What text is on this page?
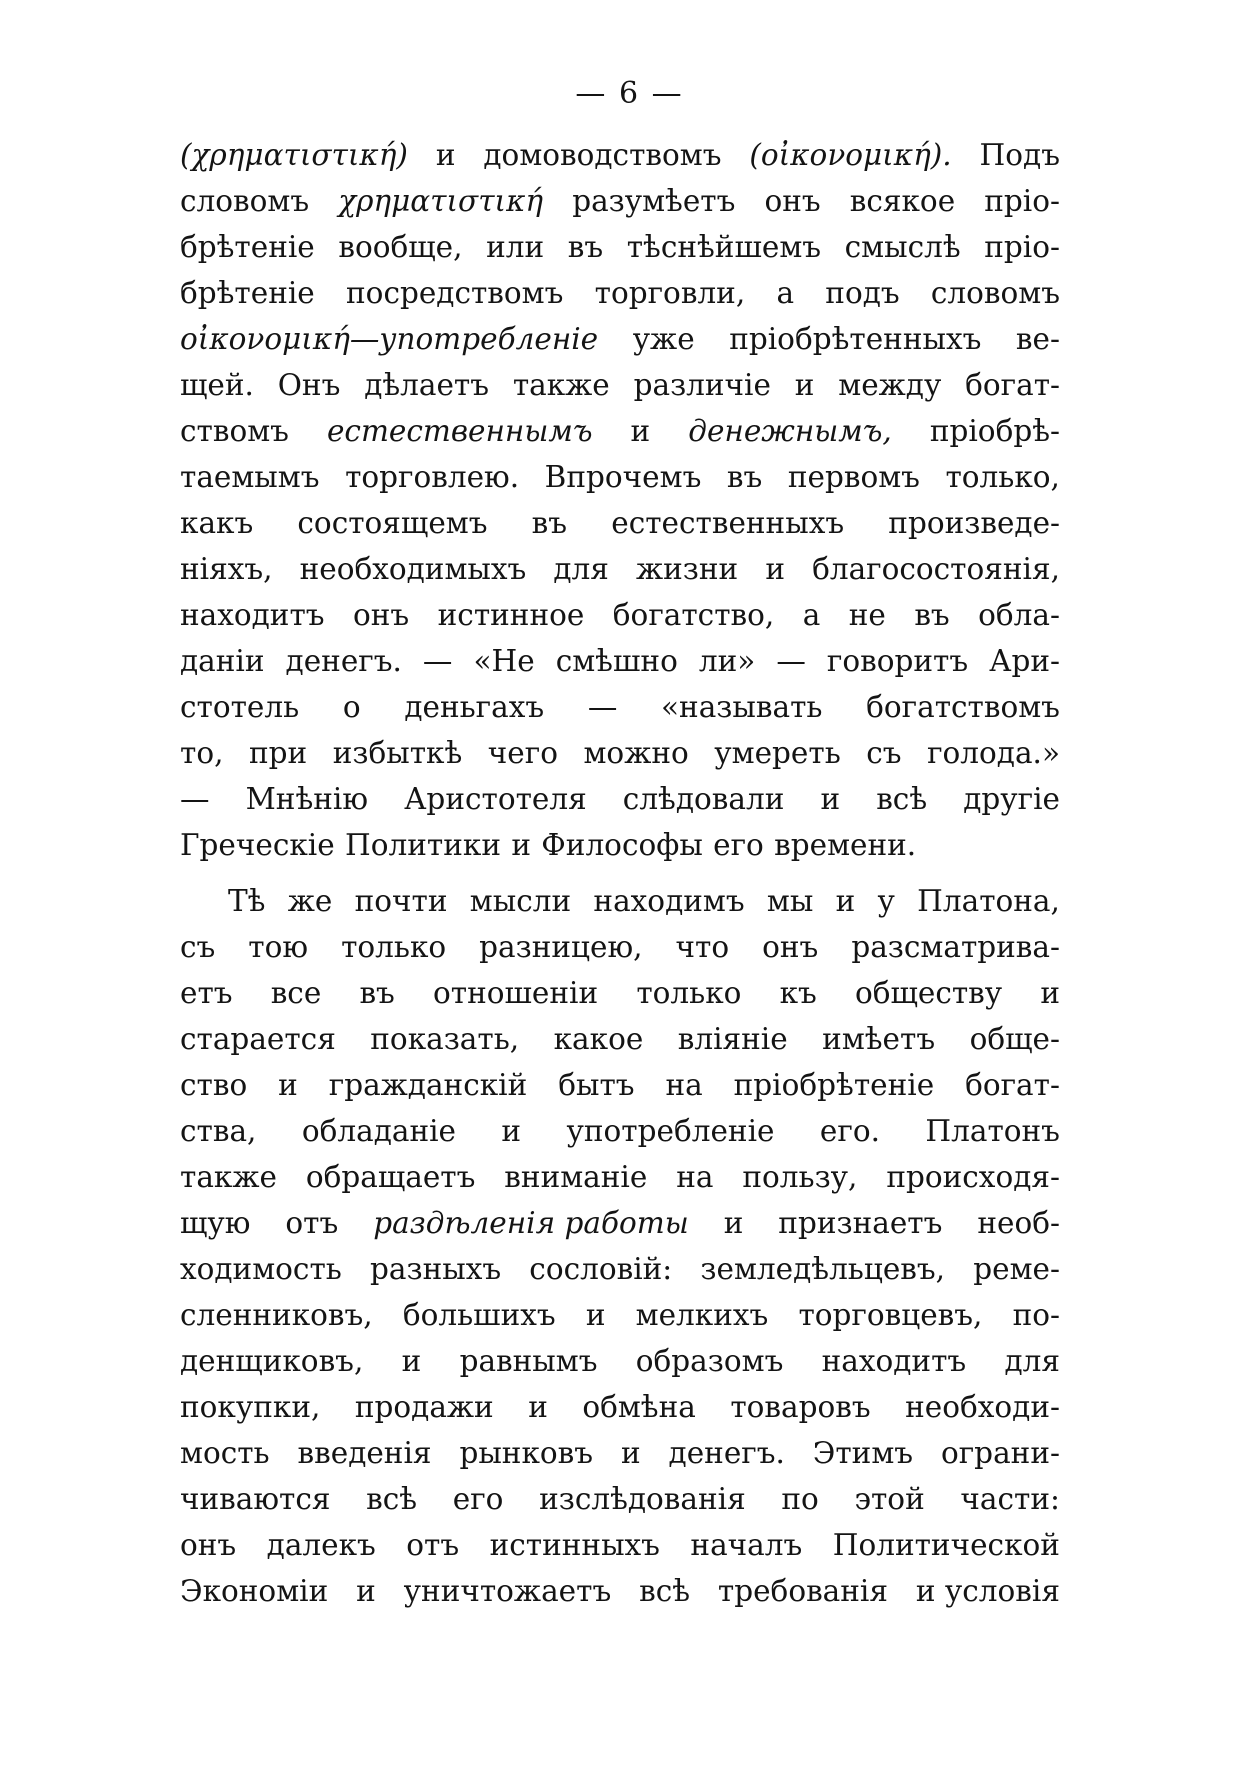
— 6 —
(χρηματιστική) и домоводствомъ (οἰκονομική). Подъ
словомъ χρηματιστική разумѣетъ онъ всякое пріо-
брѣтеніе вообще, или въ тѣснѣйшемъ смыслѣ пріо-
брѣтеніе посредствомъ торговли, а подъ словомъ
οἰκονομική—употребленіе уже пріобрѣтенныхъ ве-
щей. Онъ дѣлаетъ также различіе и между богат-
ствомъ естественнымъ и денежнымъ, пріобрѣ-
таемымъ торговлею. Впрочемъ въ первомъ только,
какъ состоящемъ въ естественныхъ произведе-
ніяхъ, необходимыхъ для жизни и благосостоянія,
находитъ онъ истинное богатство, а не въ облa-
даніи денегъ. — «Не смѣшно ли» — говоритъ Ари-
стотель о деньгахъ — «называть богатствомъ
то, при избыткѣ чего можно умереть съ голода.»
— Мнѣнію Аристотеля слѣдовали и всѣ другіе
Греческіе Политики и Философы его времени.
Тѣ же почти мысли находимъ мы и у Платона,
съ тою только разницею, что онъ разсматрива-
етъ все въ отношеніи только къ обществу и
старается показать, какое вліяніе имѣетъ обще-
ство и гражданскій бытъ на пріобрѣтеніе богат-
ства, обладаніе и употребленіе его. Платонъ
также обращаетъ вниманіе на пользу, происходя-
щую отъ раздѣленія работы и признаетъ необ-
ходимость разныхъ сословій: земледѣльцевъ, реме-
сленниковъ, большихъ и мелкихъ торговцевъ, по-
денщиковъ, и равнымъ образомъ находитъ для
покупки, продажи и обмѣна товаровъ необходи-
мость введенія рынковъ и денегъ. Этимъ ограни-
чиваются всѣ его изслѣдованія по этой части:
онъ далекъ отъ истинныхъ началъ Политической
Экономіи и уничтожаетъ всѣ требованія и условія
